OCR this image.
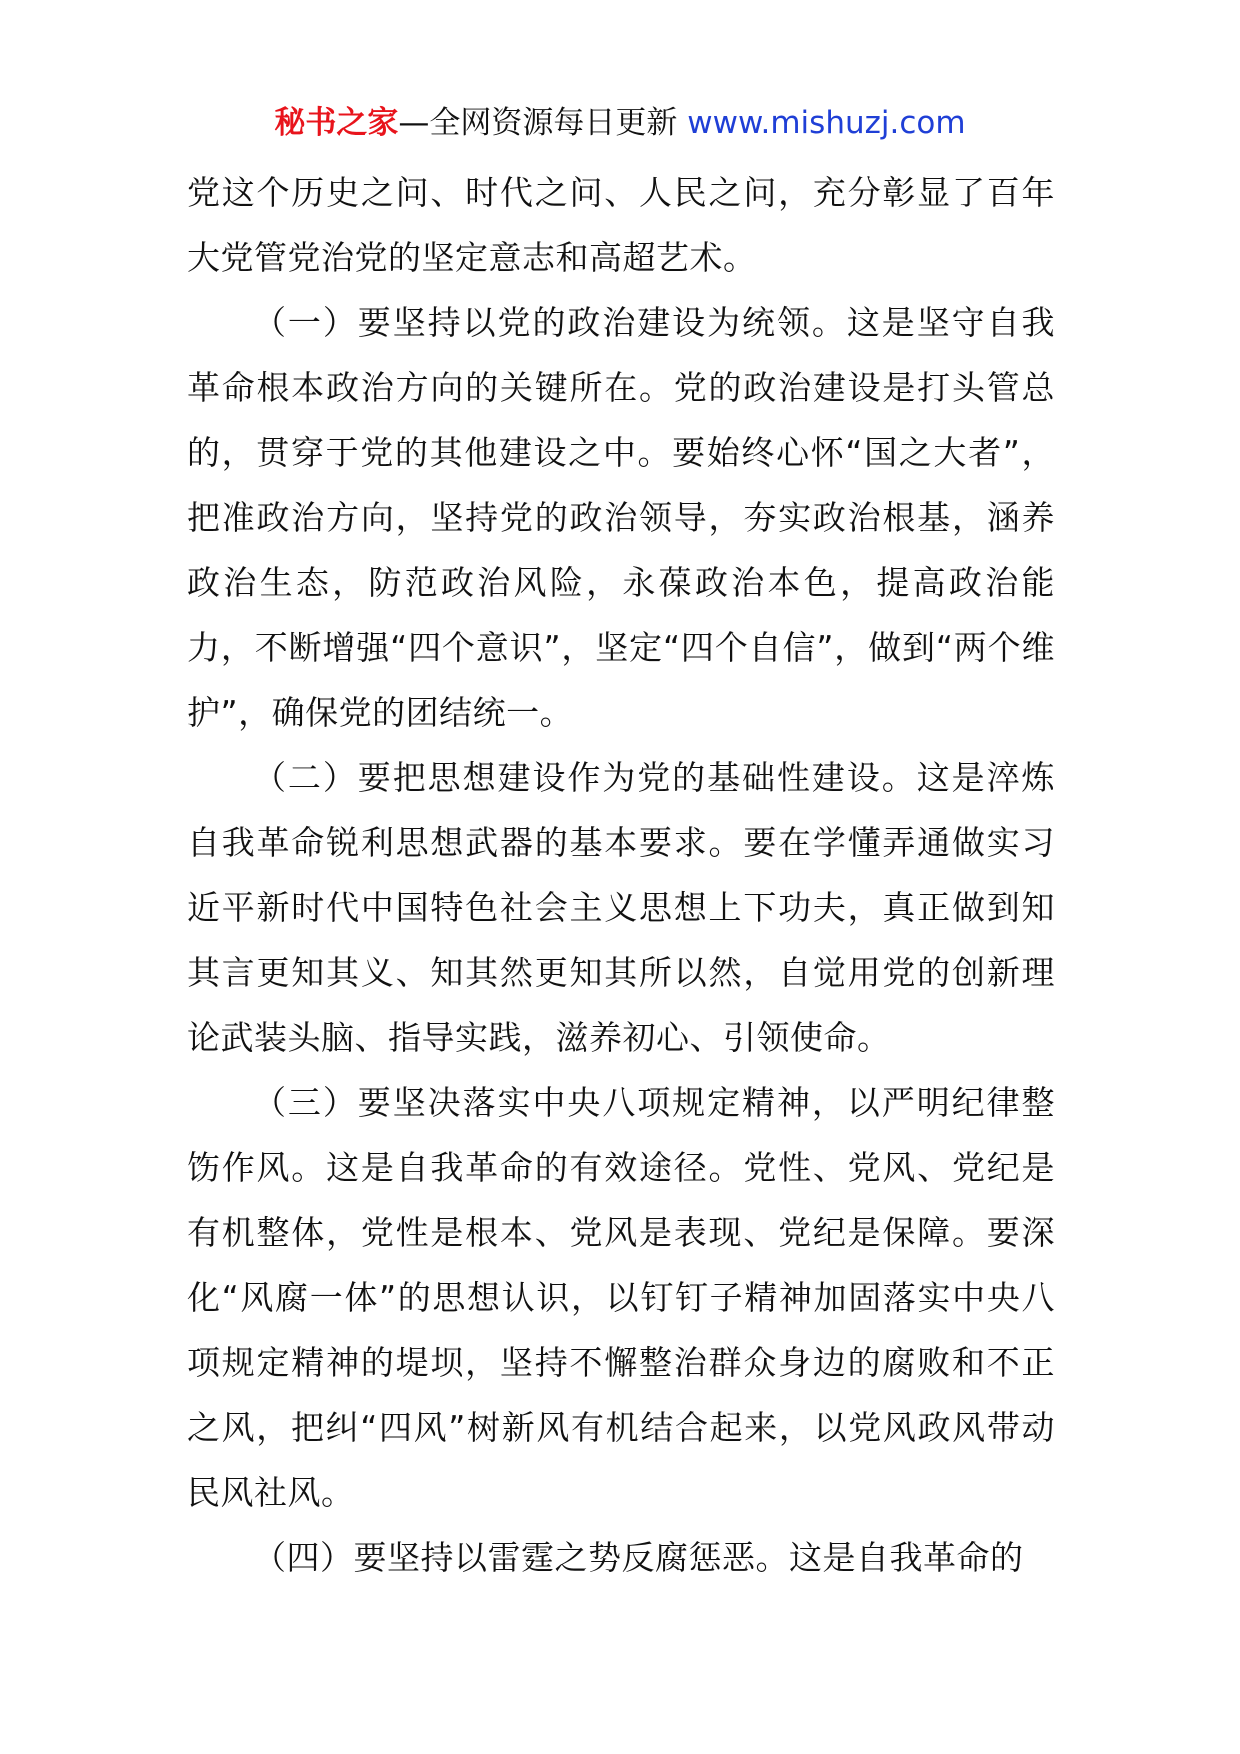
秘书之家—全网资源每日更新 www.mishuzj.com

党这个历史之问、时代之问、人民之问，充分彰显了百年大党管党治党的坚定意志和高超艺术。

（一）要坚持以党的政治建设为统领。这是坚守自我革命根本政治方向的关键所在。党的政治建设是打头管总的，贯穿于党的其他建设之中。要始终心怀“国之大者”，把准政治方向，坚持党的政治领导，夯实政治根基，涵养政治生态，防范政治风险，永葆政治本色，提高政治能力，不断增强“四个意识”，坚定“四个自信”，做到“两个维护”，确保党的团结统一。

（二）要把思想建设作为党的基础性建设。这是淬炼自我革命锐利思想武器的基本要求。要在学懂弄通做实习近平新时代中国特色社会主义思想上下功夫，真正做到知其言更知其义、知其然更知其所以然，自觉用党的创新理论武装头脑、指导实践，滋养初心、引领使命。

（三）要坚决落实中央八项规定精神，以严明纪律整饬作风。这是自我革命的有效途径。党性、党风、党纪是有机整体，党性是根本、党风是表现、党纪是保障。要深化“风腐一体”的思想认识，以钉钉子精神加固落实中央八项规定精神的堤坝，坚持不懈整治群众身边的腐败和不正之风，把纠“四风”树新风有机结合起来，以党风政风带动民风社风。

（四）要坚持以雷霆之势反腐惩恶。这是自我革命的
